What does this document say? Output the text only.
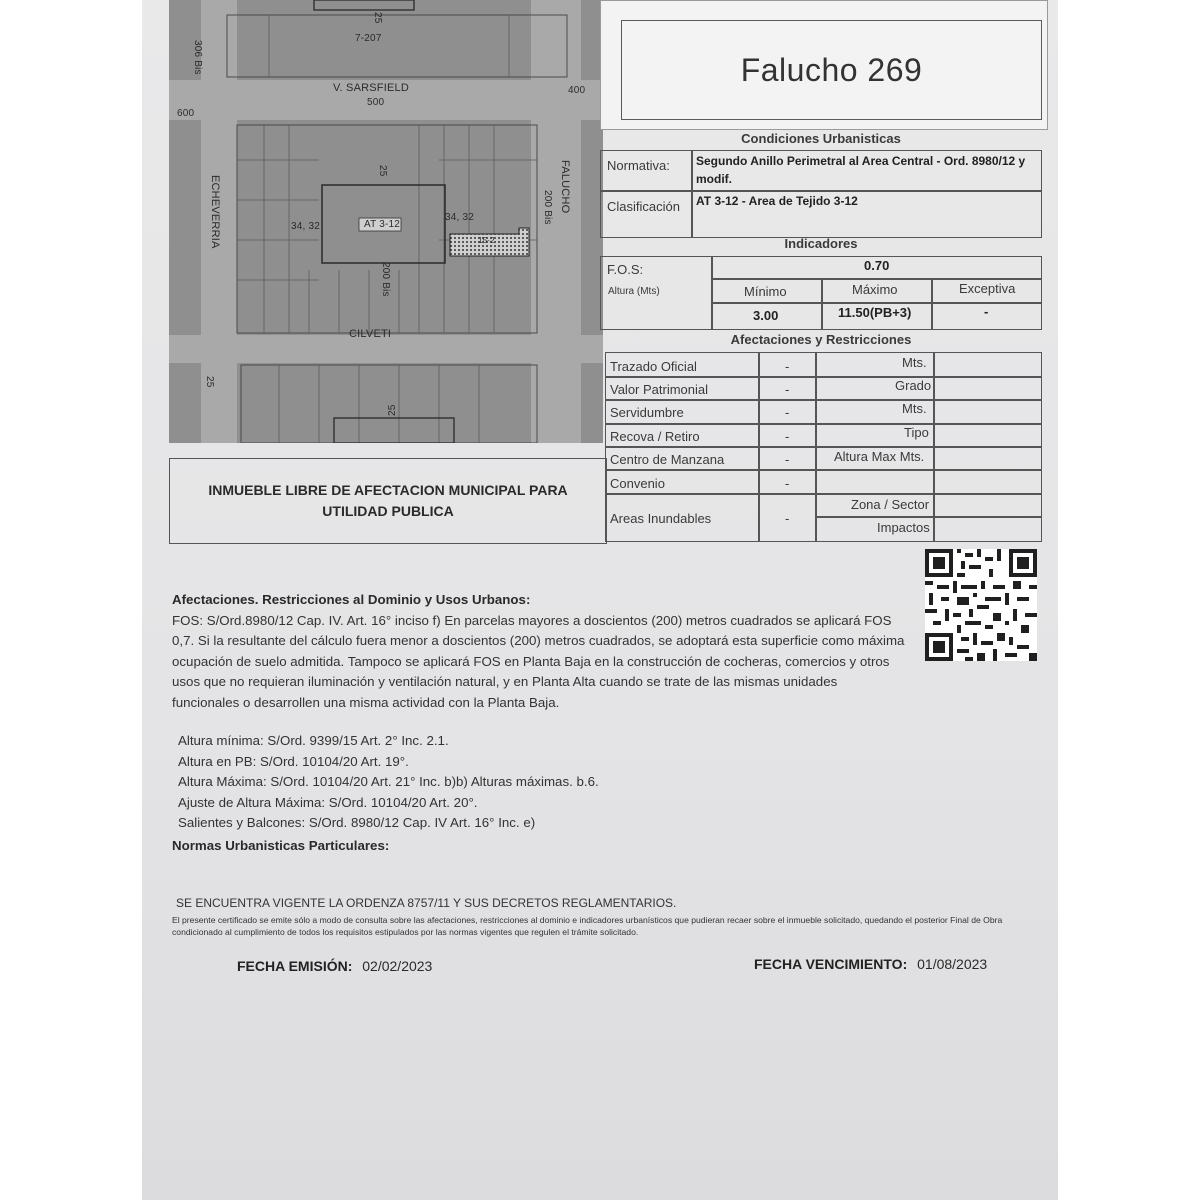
7-207
306 Bis
600
V. SARSFIELD
500
400
25
ECHEVERRIA	FALUCHO
200 Bis
25
34, 32	AT 3-12
34, 32
15-2
200 Bis
CILVETI
25
25
Falucho 269
Condiciones Urbanisticas
Normativa: Segundo Anillo Perimetral al Area Central - Ord. 8980/12 y modif.
Clasificación AT 3-12 - Area de Tejido 3-12
Indicadores
F.O.S:	0.70
Altura (Mts)	Mínimo	Máximo	Exceptiva
3.00	11.50(PB+3)	-
Afectaciones y Restricciones
Trazado Oficial	-	Mts.
Valor Patrimonial	-	Grado
Servidumbre	-	Mts.
Recova / Retiro	-	Tipo
Centro de Manzana	-	Altura Max Mts.
Convenio	-
Areas Inundables	-
Zona / Sector
Impactos
INMUEBLE LIBRE DE AFECTACION MUNICIPAL PARA UTILIDAD PUBLICA
Afectaciones. Restricciones al Dominio y Usos Urbanos:
FOS: S/Ord.8980/12 Cap. IV. Art. 16° inciso f) En parcelas mayores a doscientos (200) metros cuadrados se aplicará FOS 0,7. Si la resultante del cálculo fuera menor a doscientos (200) metros cuadrados, se adoptará esta superficie como máxima ocupación de suelo admitida. Tampoco se aplicará FOS en Planta Baja en la construcción de cocheras, comercios y otros usos que no requieran iluminación y ventilación natural, y en Planta Alta cuando se trate de las mismas unidades funcionales o desarrollen una misma actividad con la Planta Baja.
Altura mínima: S/Ord. 9399/15 Art. 2° Inc. 2.1.
Altura en PB: S/Ord. 10104/20 Art. 19°.
Altura Máxima: S/Ord. 10104/20 Art. 21° Inc. b)b) Alturas máximas. b.6.
Ajuste de Altura Máxima: S/Ord. 10104/20 Art. 20°.
Salientes y Balcones: S/Ord. 8980/12 Cap. IV Art. 16° Inc. e)
Normas Urbanisticas Particulares:
SE ENCUENTRA VIGENTE LA ORDENZA 8757/11 Y SUS DECRETOS REGLAMENTARIOS.
El presente certificado se emite sólo a modo de consulta sobre las afectaciones, restricciones al dominio e indicadores urbanísticos que pudieran recaer sobre el inmueble solicitado, quedando el posterior Final de Obra condicionado al cumplimiento de todos los requisitos estipulados por las normas vigentes que regulen el trámite solicitado.
FECHA EMISIÓN: 02/02/2023	FECHA VENCIMIENTO: 01/08/2023
